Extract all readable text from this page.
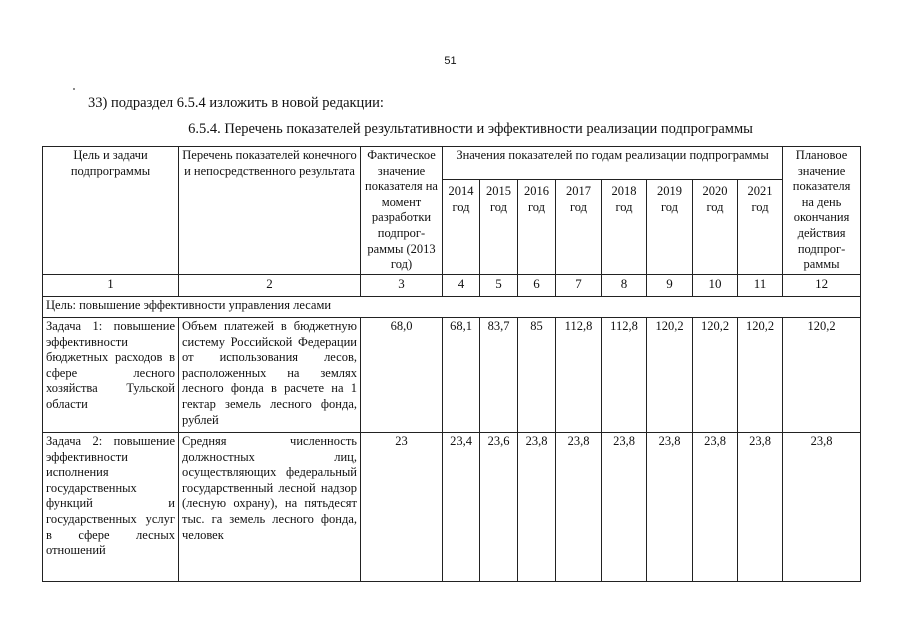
51
33) подраздел 6.5.4 изложить в новой редакции:
6.5.4. Перечень показателей результативности и эффективности реализации подпрограммы
Цель и задачи подпрограммы	Перечень показателей конечного и непосредственного результата	Фактическое значение показателя на момент разработки подпрог-раммы (2013 год)	Значения показателей по годам реализации подпрограммы								Плановое значение показателя на день окончания действия подпрог-раммы
			2014 год	2015 год	2016 год	2017 год	2018 год	2019 год	2020 год	2021 год	
1	2	3	4	5	6	7	8	9	10	11	12
Цель: повышение эффективности управления лесами											
Задача 1: повышение эффективности бюджетных расходов в сфере лесного хозяйства Тульской области	Объем платежей в бюджетную систему Российской Федерации от использования лесов, расположенных на землях лесного фонда в расчете на 1 гектар земель лесного фонда, рублей	68,0	68,1	83,7	85	112,8	112,8	120,2	120,2	120,2	120,2
Задача 2: повышение эффективности исполнения государственных функций и государственных услуг в сфере лесных отношений	Средняя численность должностных лиц, осуществляющих федеральный государственный лесной надзор (лесную охрану), на пятьдесят тыс. га земель лесного фонда, человек	23	23,4	23,6	23,8	23,8	23,8	23,8	23,8	23,8	23,8
